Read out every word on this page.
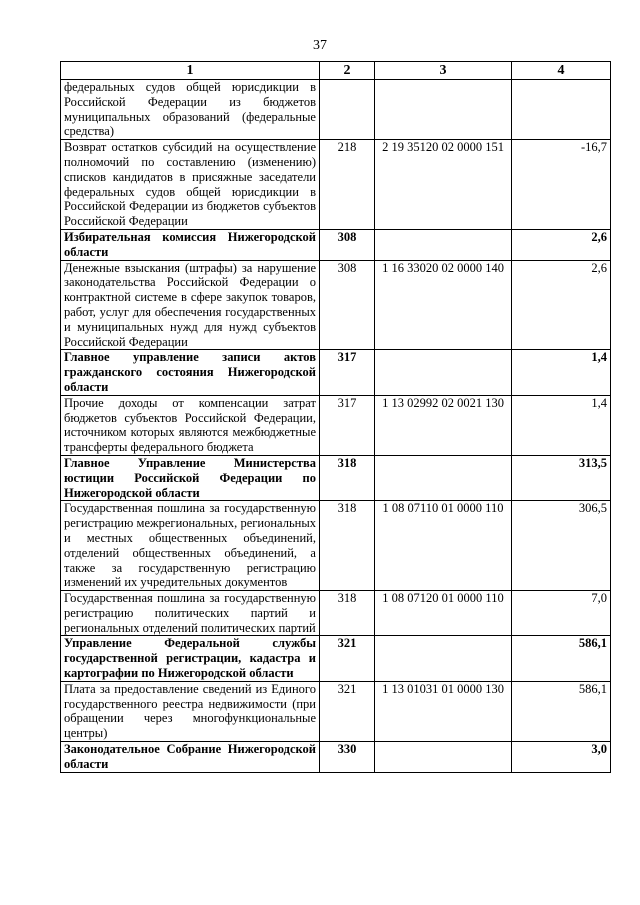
37
1	2	3	4
федеральных судов общей юрисдикции в Российской Федерации из бюджетов муниципальных образований (федеральные средства)			
Возврат остатков субсидий на осуществление полномочий по составлению (изменению) списков кандидатов в присяжные заседатели федеральных судов общей юрисдикции в Российской Федерации из бюджетов субъектов Российской Федерации	218	2 19 35120 02 0000 151	-16,7
Избирательная комиссия Нижегородской области	308		2,6
Денежные взыскания (штрафы) за нарушение законодательства Российской Федерации о контрактной системе в сфере закупок товаров, работ, услуг для обеспечения государственных и муниципальных нужд для нужд субъектов Российской Федерации	308	1 16 33020 02 0000 140	2,6
Главное управление записи актов гражданского состояния Нижегородской области	317		1,4
Прочие доходы от компенсации затрат бюджетов субъектов Российской Федерации, источником которых являются межбюджетные трансферты федерального бюджета	317	1 13 02992 02 0021 130	1,4
Главное Управление Министерства юстиции Российской Федерации по Нижегородской области	318		313,5
Государственная пошлина за государственную регистрацию межрегиональных, региональных и местных общественных объединений, отделений общественных объединений, а также за государственную регистрацию изменений их учредительных документов	318	1 08 07110 01 0000 110	306,5
Государственная пошлина за государственную регистрацию политических партий и региональных отделений политических партий	318	1 08 07120 01 0000 110	7,0
Управление Федеральной службы государственной регистрации, кадастра и картографии по Нижегородской области	321		586,1
Плата за предоставление сведений из Единого государственного реестра недвижимости (при обращении через многофункциональные центры)	321	1 13 01031 01 0000 130	586,1
Законодательное Собрание Нижегородской области	330		3,0
